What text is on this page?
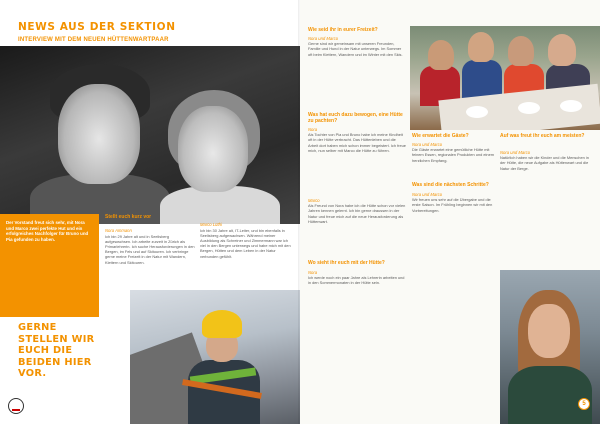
NEWS AUS DER SEKTION
INTERVIEW MIT DEM NEUEN HÜTTENWARTPAAR
Der Vorstand freut sich sehr, mit Nora und Marco zwei perfekte Hut und ein erfolgreiches Nachfolger für Bruno und Pia gefunden zu haben.
GERNE STELLEN WIR EUCH DIE BEIDEN HIER VOR.
Stellt euch kurz vor
Nora Ammann
Ich bin 29 Jahre alt und in Seelisberg aufgewachsen. Ich arbeite zurzeit in Zürich als Primarlehrerin. Ich suche Herausforderungen in den Bergen, im Fels und auf Skitouren. Ich verbringe gerne meine Freizeit in der Natur mit Wandern, Klettern und Skitouren.
Marco Lüthi
Ich bin 30 Jahre alt, IT-Leiter, und bin ebenfalls in Seelisberg aufgewachsen. Während meiner Ausbildung als Schreiner und Zimmermann war ich viel in den Bergen unterwegs und habe mich mit den Bergen, Hütten und dem Leben in der Natur verbunden gefühlt.
Wie seid ihr in eurer Freizeit?
Nora und Marco
Gerne sind wir gemeinsam mit unseren Freunden, Familie und Hund in der Natur unterwegs. Im Sommer oft beim Klettern, Wandern und im Winter mit den Skis.
Was hat euch dazu bewogen, eine Hütte zu pachten?
Nora
Als Tochter von Pia und Bruno habe ich meine Kindheit oft in der Hütte verbracht. Das Hüttenleben und die Arbeit dort haben mich schon immer begeistert. Ich freue mich, nun selber mit Marco die Hütte zu führen.
Marco
Als Freund von Nora habe ich die Hütte schon vor vielen Jahren kennen gelernt. Ich bin gerne draussen in der Natur und freue mich auf die neue Herausforderung als Hüttenwart.
Wo sieht ihr euch mit der Hütte?
Nora
Ich werde noch ein paar Jahre als Lehrerin arbeiten und in den Sommermonaten in der Hütte sein.
Wie erwartet die Gäste?
Nora und Marco
Die Gäste erwartet eine gemütliche Hütte mit feinem Essen, regionalen Produkten und einem herzlichen Empfang.
Was sind die nächsten Schritte?
Nora und Marco
Wir freuen uns sehr auf die Übergabe und die erste Saison. Im Frühling beginnen wir mit den Vorbereitungen.
Auf was freut ihr euch am meisten?
Nora und Marco
Natürlich haben wir die Kinder und die Menschen in der Hütte, die neue Aufgabe als Hüttenwart und die Natur der Berge.
5
